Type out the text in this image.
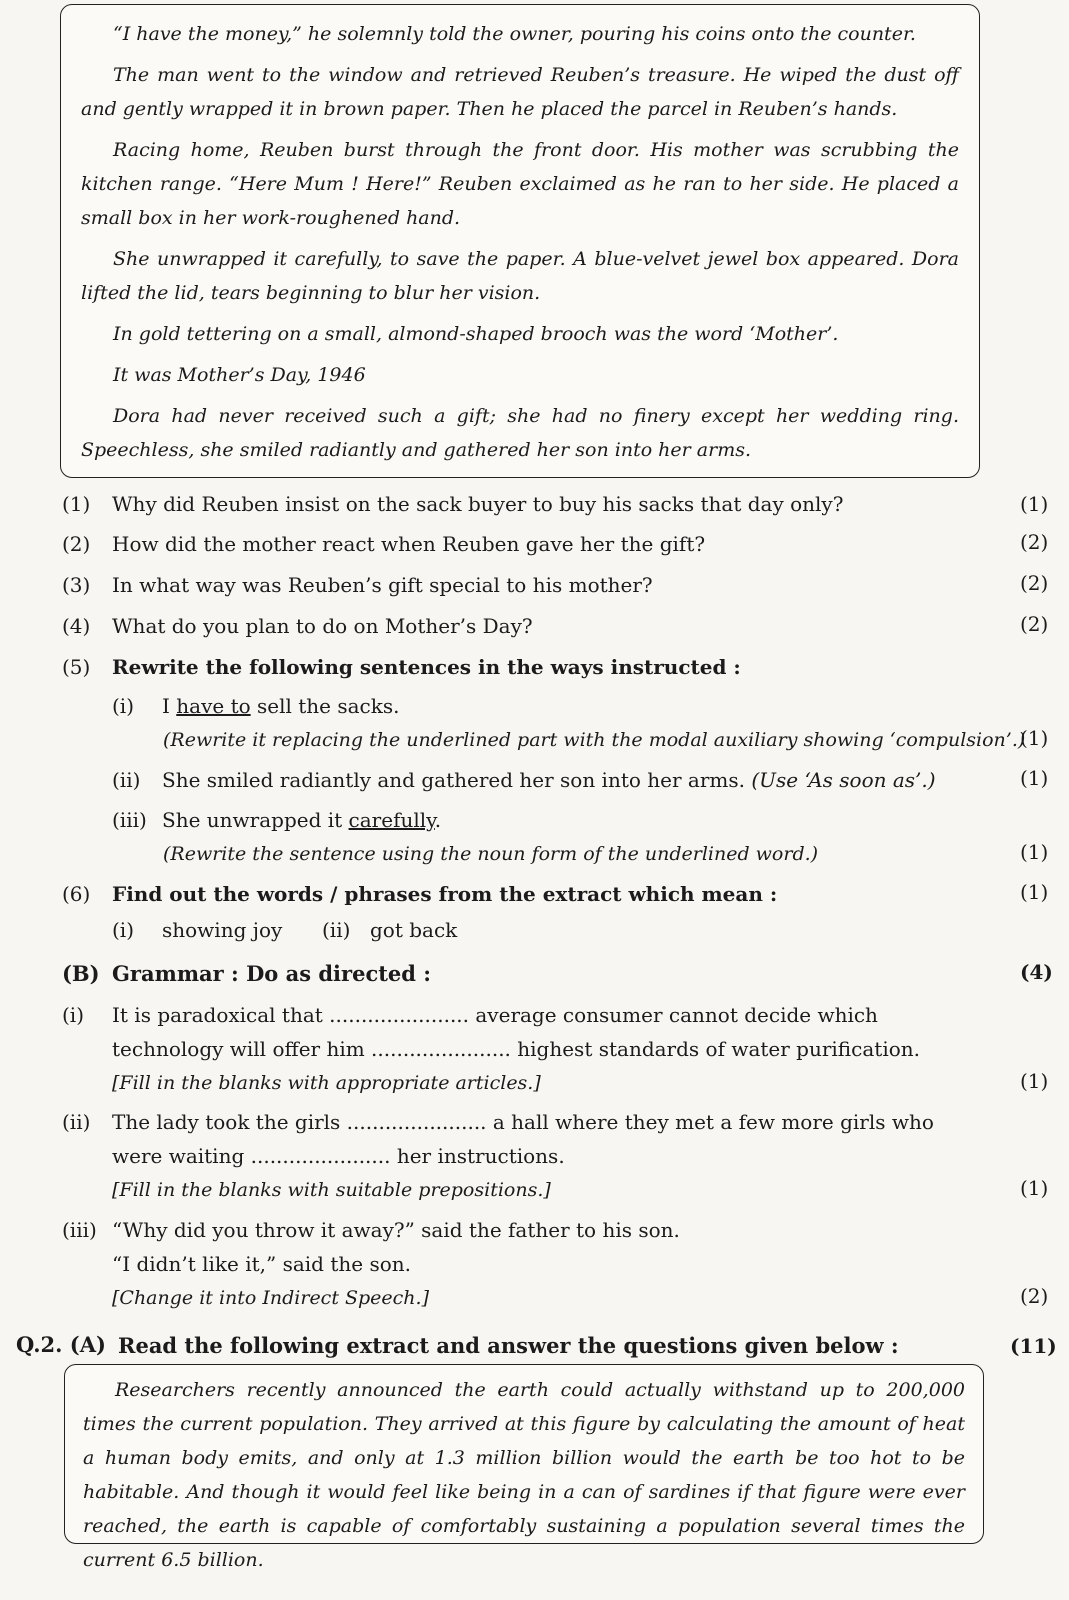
“I have the money,” he solemnly told the owner, pouring his coins onto the counter.

The man went to the window and retrieved Reuben’s treasure. He wiped the dust off and gently wrapped it in brown paper. Then he placed the parcel in Reuben’s hands.

Racing home, Reuben burst through the front door. His mother was scrubbing the kitchen range. “Here Mum ! Here!” Reuben exclaimed as he ran to her side. He placed a small box in her work-roughened hand.

She unwrapped it carefully, to save the paper. A blue-velvet jewel box appeared. Dora lifted the lid, tears beginning to blur her vision.

In gold tettering on a small, almond-shaped brooch was the word ‘Mother’.

It was Mother’s Day, 1946

Dora had never received such a gift; she had no finery except her wedding ring. Speechless, she smiled radiantly and gathered her son into her arms.

(1) Why did Reuben insist on the sack buyer to buy his sacks that day only?	(1)
(2) How did the mother react when Reuben gave her the gift?	(2)
(3) In what way was Reuben’s gift special to his mother?	(2)
(4) What do you plan to do on Mother’s Day?	(2)
(5) Rewrite the following sentences in the ways instructed :
(i) I have to sell the sacks.
(Rewrite it replacing the underlined part with the modal auxiliary showing ‘compulsion’.)
(1)
(ii) She smiled radiantly and gathered her son into her arms. (Use ‘As soon as’.)	(1)
(iii) She unwrapped it carefully.
(Rewrite the sentence using the noun form of the underlined word.)	(1)
(6) Find out the words / phrases from the extract which mean :	(1)
(i) showing joy (ii) got back
(B) Grammar : Do as directed :	(4)
(i) It is paradoxical that ...................... average consumer cannot decide which
technology will offer him ...................... highest standards of water purification.
[Fill in the blanks with appropriate articles.]	(1)
(ii) The lady took the girls ...................... a hall where they met a few more girls who
were waiting ...................... her instructions.
[Fill in the blanks with suitable prepositions.]	(1)
(iii) “Why did you throw it away?” said the father to his son.
“I didn’t like it,” said the son.
[Change it into Indirect Speech.]	(2)
Q.2. (A) Read the following extract and answer the questions given below :	(11)

Researchers recently announced the earth could actually withstand up to 200,000 times the current population. They arrived at this figure by calculating the amount of heat a human body emits, and only at 1.3 million billion would the earth be too hot to be habitable. And though it would feel like being in a can of sardines if that figure were ever reached, the earth is capable of comfortably sustaining a population several times the current 6.5 billion.
